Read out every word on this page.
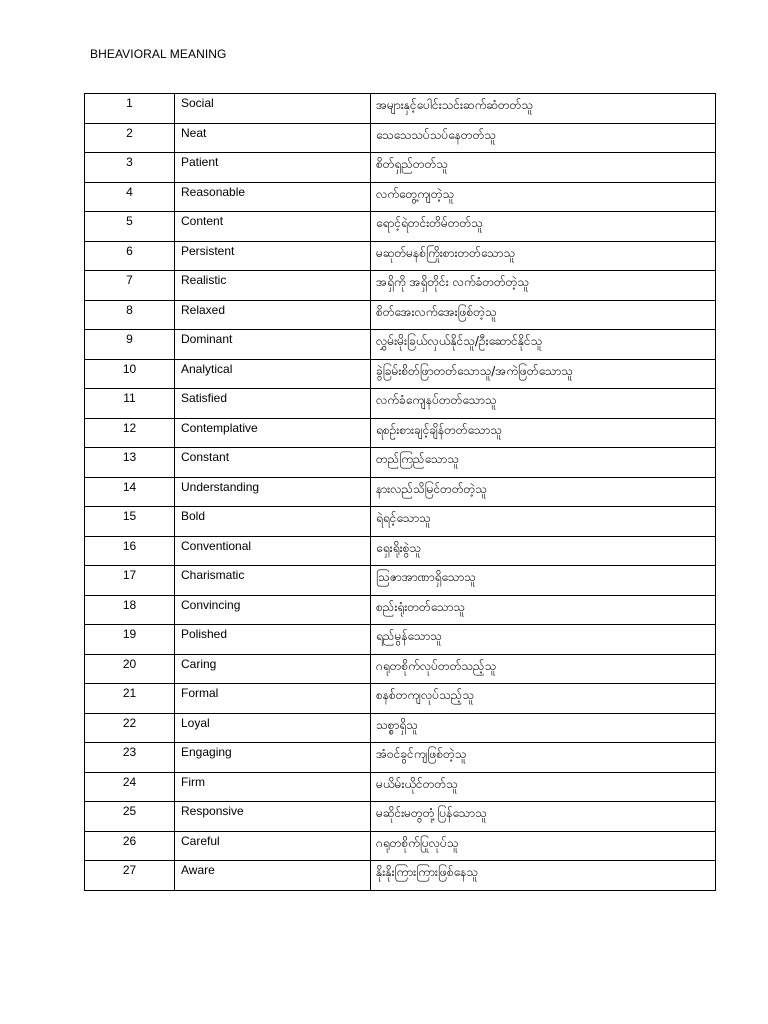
BHEAVIORAL MEANING
1	Social	အများနှင့်ပေါင်းသင်းဆက်ဆံတတ်သူ
2	Neat	သေသေသပ်သပ်နေတတ်သူ
3	Patient	စိတ်ရှည်တတ်သူ
4	Reasonable	လက်တွေ့ကျတဲ့သူ
5	Content	ရောင့်ရဲတင်းတိမ်တတ်သူ
6	Persistent	မဆုတ်မနစ်ကြိုးစားတတ်သောသူ
7	Realistic	အရှိကို အရှိတိုင်း လက်ခံတတ်တဲ့သူ
8	Relaxed	စိတ်အေးလက်အေးဖြစ်တဲ့သူ
9	Dominant	လွှမ်းမိုးခြယ်လှယ်နိုင်သူ/ဦးဆောင်နိုင်သူ
10	Analytical	ခွဲခြမ်းစိတ်ဖြာတတ်သောသူ/အကဲဖြတ်သောသူ
11	Satisfied	လက်ခံကျေနပ်တတ်သောသူ
12	Contemplative	ရစဉ်းစားချင့်ချိန်တတ်သောသူ
13	Constant	တည်ကြည်သောသူ
14	Understanding	နားလည်သိမြင်တတ်တဲ့သူ
15	Bold	ရဲရင့်သောသူ
16	Conventional	ရှေးရိုးစွဲသူ
17	Charismatic	ဩဇာအာဏာရှိသောသူ
18	Convincing	စည်းရုံးတတ်သောသူ
19	Polished	ရည်မွန်သောသူ
20	Caring	ဂရုတစိုက်လုပ်တတ်သည့်သူ
21	Formal	စနစ်တကျလုပ်သည့်သူ
22	Loyal	သစ္စာရှိသူ
23	Engaging	အံဝင်ခွင်ကျဖြစ်တဲ့သူ
24	Firm	မယိမ်းယိုင်တတ်သူ
25	Responsive	မဆိုင်းမတွတုံ့ပြန်သောသူ
26	Careful	ဂရုတစိုက်ပြုလုပ်သူ
27	Aware	နိုးနိုးကြားကြားဖြစ်နေသူ
